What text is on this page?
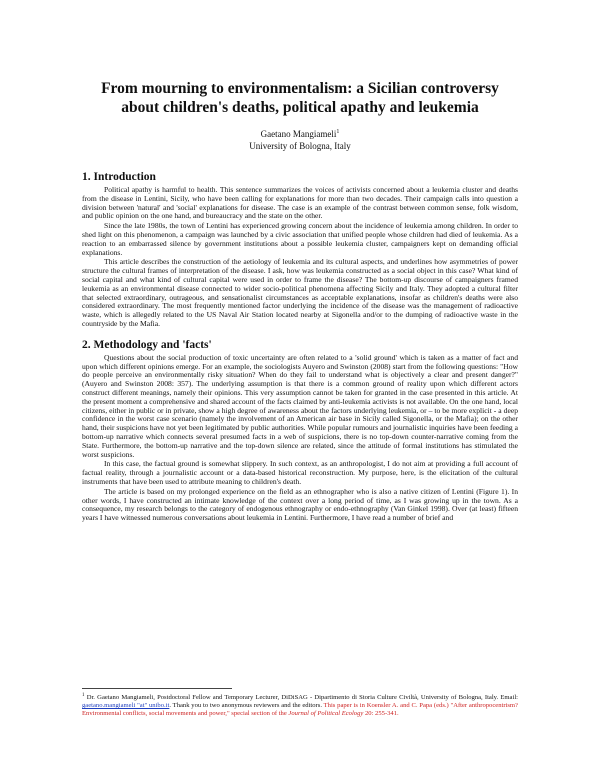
From mourning to environmentalism: a Sicilian controversy
about children's deaths, political apathy and leukemia
Gaetano Mangiameli$^1$
University of Bologna, Italy
1. Introduction

Political apathy is harmful to health. This sentence summarizes the voices of activists concerned about a leukemia cluster and deaths from the disease in Lentini, Sicily, who have been calling for explanations for more than two decades. Their campaign calls into question a division between 'natural' and 'social' explanations for disease. The case is an example of the contrast between common sense, folk wisdom, and public opinion on the one hand, and bureaucracy and the state on the other.

Since the late 1980s, the town of Lentini has experienced growing concern about the incidence of leukemia among children. In order to shed light on this phenomenon, a campaign was launched by a civic association that unified people whose children had died of leukemia. As a reaction to an embarrassed silence by government institutions about a possible leukemia cluster, campaigners kept on demanding official explanations.

This article describes the construction of the aetiology of leukemia and its cultural aspects, and underlines how asymmetries of power structure the cultural frames of interpretation of the disease. I ask, how was leukemia constructed as a social object in this case? What kind of social capital and what kind of cultural capital were used in order to frame the disease? The bottom-up discourse of campaigners framed leukemia as an environmental disease connected to wider socio-political phenomena affecting Sicily and Italy. They adopted a cultural filter that selected extraordinary, outrageous, and sensationalist circumstances as acceptable explanations, insofar as children's deaths were also considered extraordinary. The most frequently mentioned factor underlying the incidence of the disease was the management of radioactive waste, which is allegedly related to the US Naval Air Station located nearby at Sigonella and/or to the dumping of radioactive waste in the countryside by the Mafia.

2. Methodology and 'facts'

Questions about the social production of toxic uncertainty are often related to a 'solid ground' which is taken as a matter of fact and upon which different opinions emerge. For an example, the sociologists Auyero and Swinston (2008) start from the following questions: "How do people perceive an environmentally risky situation? When do they fail to understand what is objectively a clear and present danger?" (Auyero and Swinston 2008: 357). The underlying assumption is that there is a common ground of reality upon which different actors construct different meanings, namely their opinions. This very assumption cannot be taken for granted in the case presented in this article. At the present moment a comprehensive and shared account of the facts claimed by anti-leukemia activists is not available. On the one hand, local citizens, either in public or in private, show a high degree of awareness about the factors underlying leukemia, or – to be more explicit - a deep confidence in the worst case scenario (namely the involvement of an American air base in Sicily called Sigonella, or the Mafia); on the other hand, their suspicions have not yet been legitimated by public authorities. While popular rumours and journalistic inquiries have been feeding a bottom-up narrative which connects several presumed facts in a web of suspicions, there is no top-down counter-narrative coming from the State. Furthermore, the bottom-up narrative and the top-down silence are related, since the attitude of formal institutions has stimulated the worst suspicions.

In this case, the factual ground is somewhat slippery. In such context, as an anthropologist, I do not aim at providing a full account of factual reality, through a journalistic account or a data-based historical reconstruction. My purpose, here, is the elicitation of the cultural instruments that have been used to attribute meaning to children's death.

The article is based on my prolonged experience on the field as an ethnographer who is also a native citizen of Lentini (Figure 1). In other words, I have constructed an intimate knowledge of the context over a long period of time, as I was growing up in the town. As a consequence, my research belongs to the category of endogenous ethnography or endo-ethnography (Van Ginkel 1998). Over (at least) fifteen years I have witnessed numerous conversations about leukemia in Lentini. Furthermore, I have read a number of brief and

$^1$ Dr. Gaetano Mangiameli, Postdoctoral Fellow and Temporary Lecturer, DiDiSAG - Dipartimento di Storia Culture Civiltà, University of Bologna, Italy. Email: gaetano.mangiameli "at" unibo.it. Thank you to two anonymous reviewers and the editors. This paper is in Koensler A. and C. Papa (eds.) "After anthropocentrism? Environmental conflicts, social movements and power," special section of the Journal of Political Ecology 20: 255-341.
